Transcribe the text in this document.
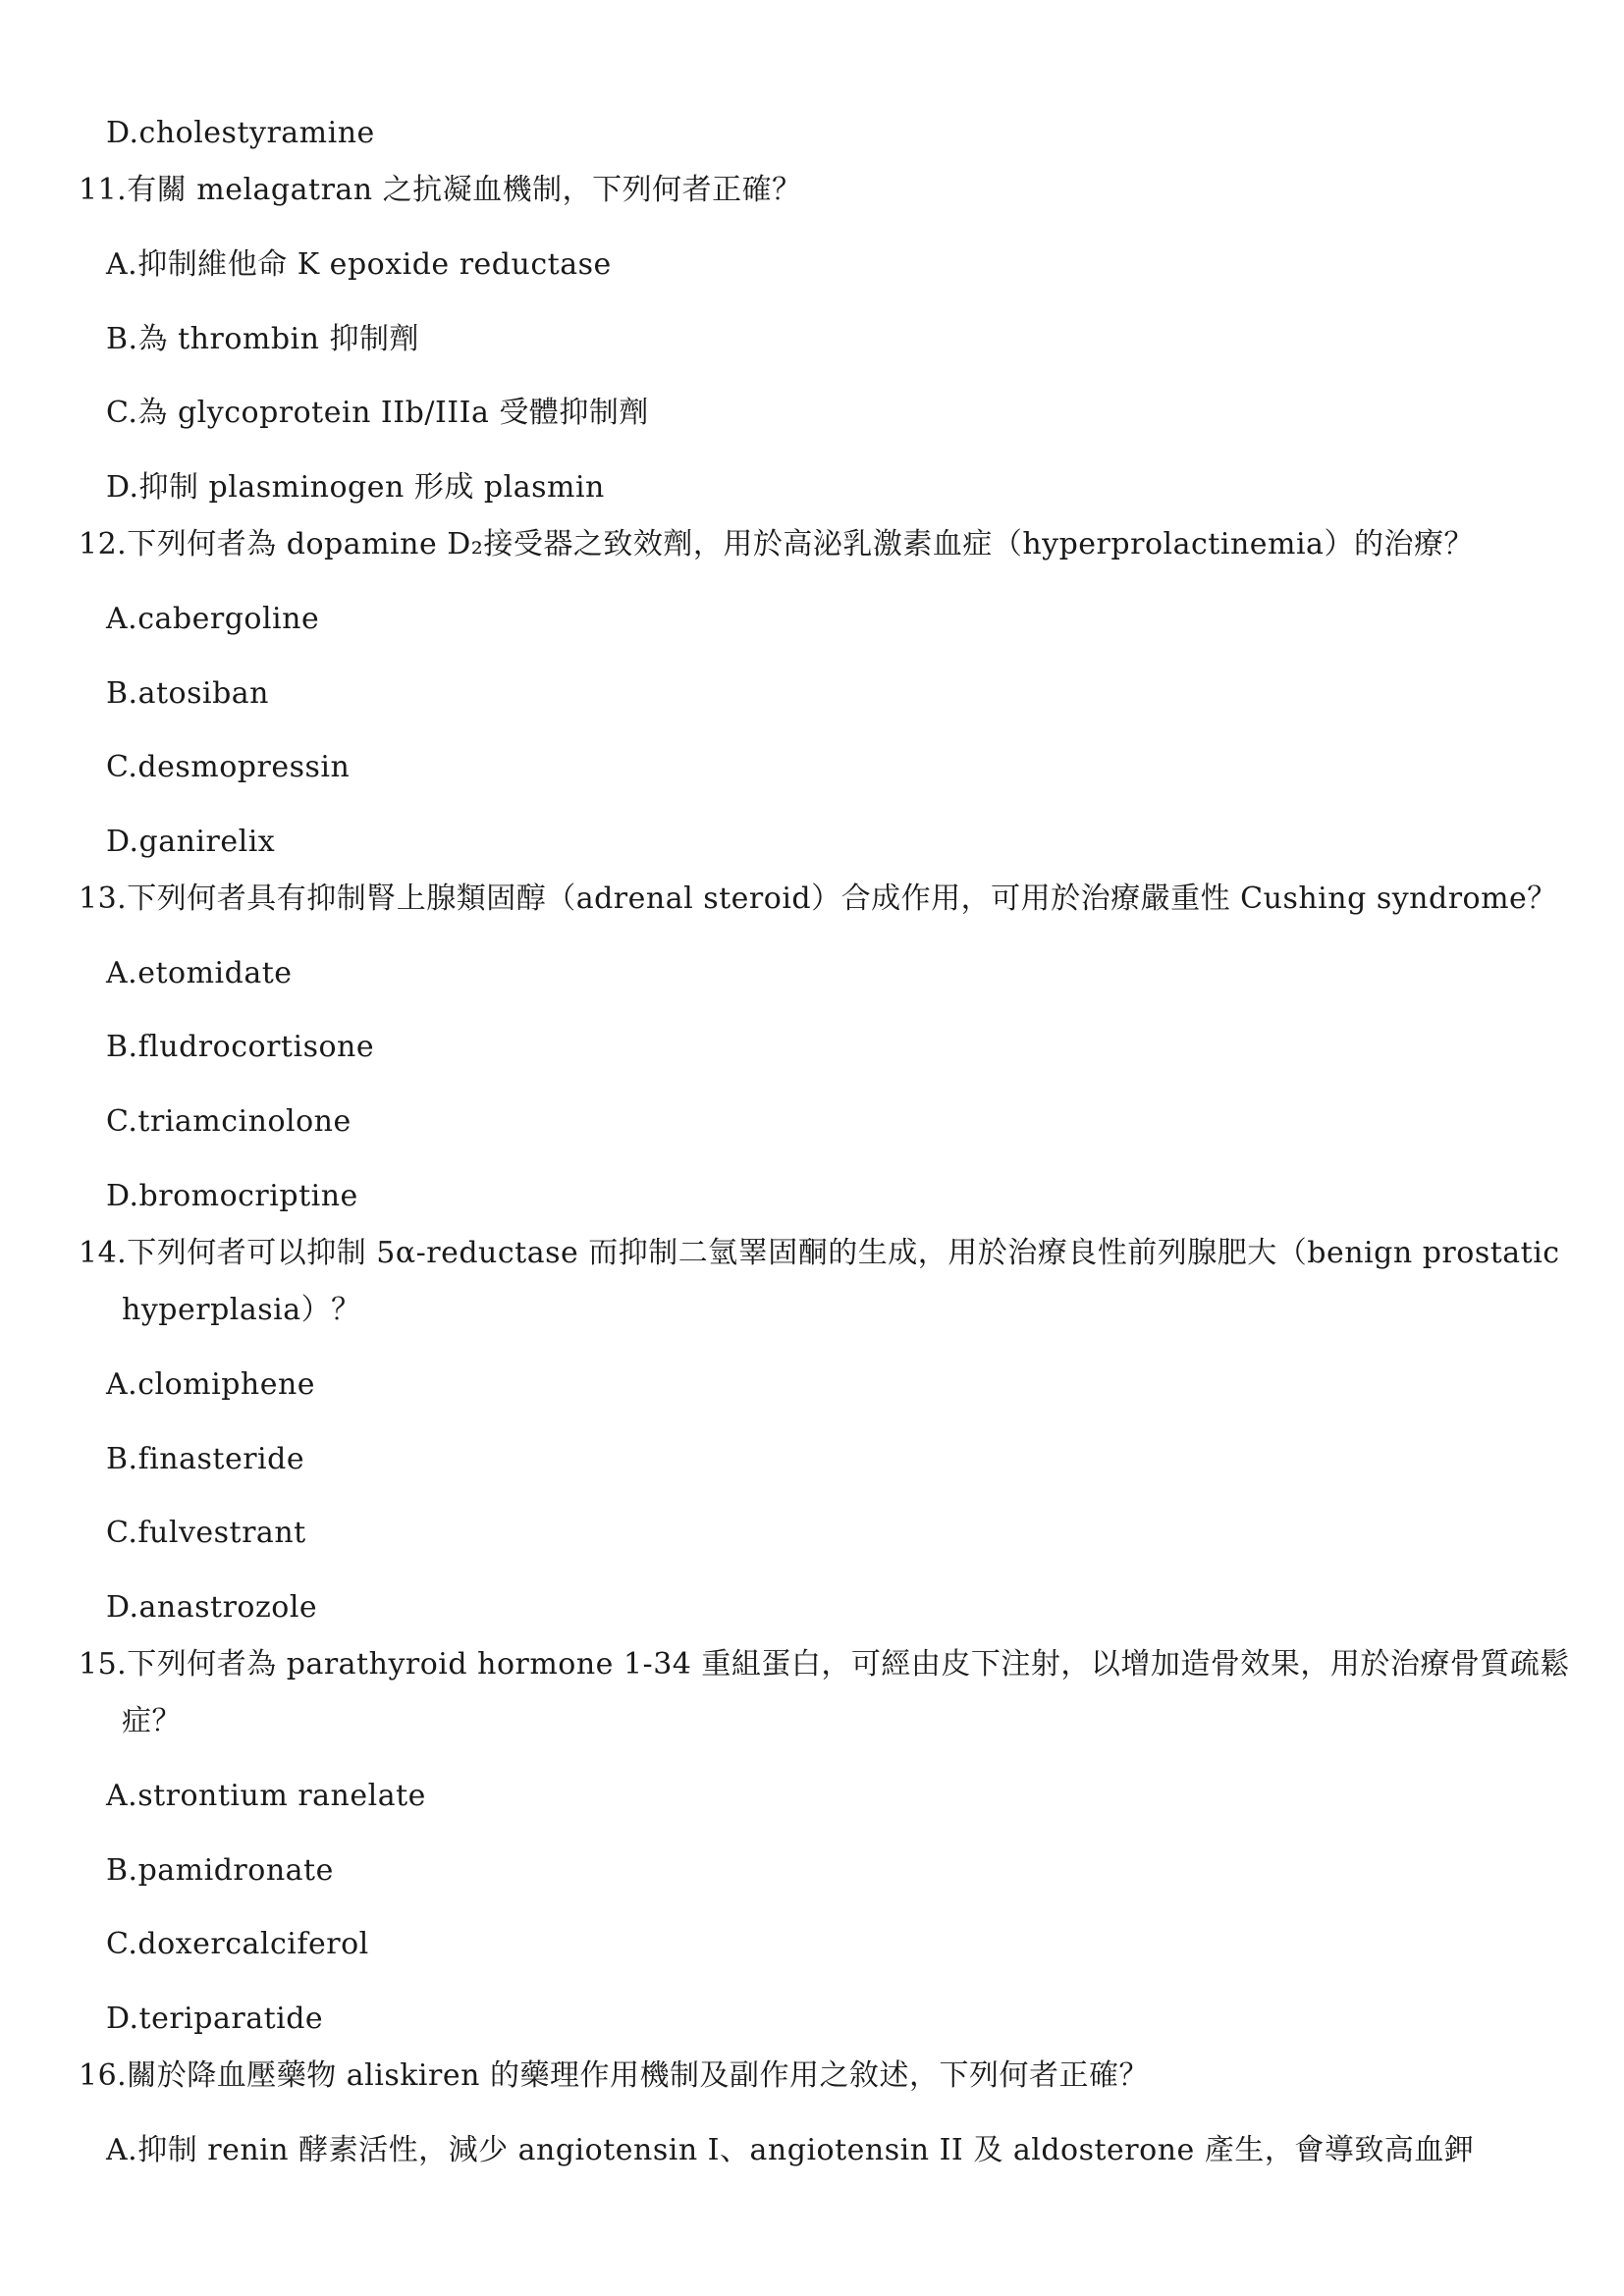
D.cholestyramine
11.有關 melagatran 之抗凝血機制，下列何者正確？
A.抑制維他命 K epoxide reductase
B.為 thrombin 抑制劑
C.為 glycoprotein IIb/IIIa 受體抑制劑
D.抑制 plasminogen 形成 plasmin
12.下列何者為 dopamine D₂接受器之致效劑，用於高泌乳激素血症（hyperprolactinemia）的治療？
A.cabergoline
B.atosiban
C.desmopressin
D.ganirelix
13.下列何者具有抑制腎上腺類固醇（adrenal steroid）合成作用，可用於治療嚴重性 Cushing syndrome？
A.etomidate
B.fludrocortisone
C.triamcinolone
D.bromocriptine
14.下列何者可以抑制 5α-reductase 而抑制二氫睪固酮的生成，用於治療良性前列腺肥大（benign prostatic
hyperplasia）？
A.clomiphene
B.finasteride
C.fulvestrant
D.anastrozole
15.下列何者為 parathyroid hormone 1-34 重組蛋白，可經由皮下注射，以增加造骨效果，用於治療骨質疏鬆
症？
A.strontium ranelate
B.pamidronate
C.doxercalciferol
D.teriparatide
16.關於降血壓藥物 aliskiren 的藥理作用機制及副作用之敘述，下列何者正確？
A.抑制 renin 酵素活性，減少 angiotensin I、angiotensin II 及 aldosterone 產生，會導致高血鉀
